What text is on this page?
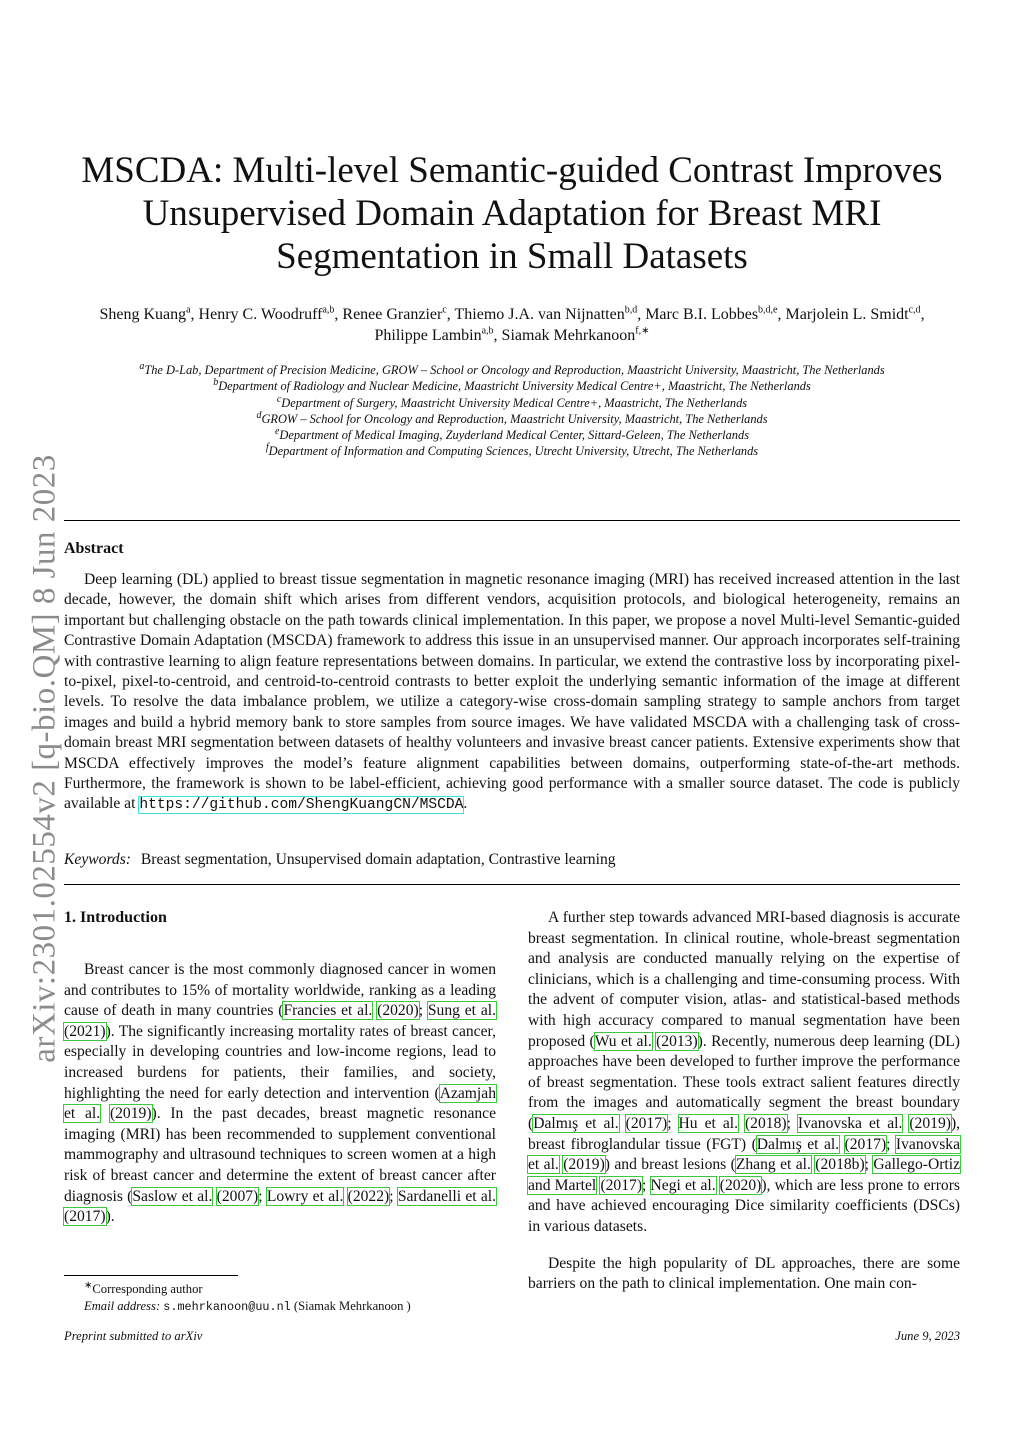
arXiv:2301.02554v2 [q-bio.QM] 8 Jun 2023
MSCDA: Multi-level Semantic-guided Contrast Improves Unsupervised Domain Adaptation for Breast MRI Segmentation in Small Datasets
Sheng Kuang$^a$, Henry C. Woodruff$^{a,b}$, Renee Granzier$^c$, Thiemo J.A. van Nijnatten$^{b,d}$, Marc B.I. Lobbes$^{b,d,e}$, Marjolein L. Smidt$^{c,d}$,
Philippe Lambin$^{a,b}$, Siamak Mehrkanoon$^{f,∗}$
$^a$The D-Lab, Department of Precision Medicine, GROW – School or Oncology and Reproduction, Maastricht University, Maastricht, The Netherlands
$^b$Department of Radiology and Nuclear Medicine, Maastricht University Medical Centre+, Maastricht, The Netherlands
$^c$Department of Surgery, Maastricht University Medical Centre+, Maastricht, The Netherlands
$^d$GROW – School for Oncology and Reproduction, Maastricht University, Maastricht, The Netherlands
$^e$Department of Medical Imaging, Zuyderland Medical Center, Sittard-Geleen, The Netherlands
$^f$Department of Information and Computing Sciences, Utrecht University, Utrecht, The Netherlands
Abstract

Deep learning (DL) applied to breast tissue segmentation in magnetic resonance imaging (MRI) has received increased attention in the last decade, however, the domain shift which arises from different vendors, acquisition protocols, and biological heterogeneity, remains an important but challenging obstacle on the path towards clinical implementation. In this paper, we propose a novel Multi-level Semantic-guided Contrastive Domain Adaptation (MSCDA) framework to address this issue in an unsupervised manner. Our approach incorporates self-training with contrastive learning to align feature representations between domains. In particular, we extend the contrastive loss by incorporating pixel-to-pixel, pixel-to-centroid, and centroid-to-centroid contrasts to better exploit the underlying semantic information of the image at different levels. To resolve the data imbalance problem, we utilize a category-wise cross-domain sampling strategy to sample anchors from target images and build a hybrid memory bank to store samples from source images. We have validated MSCDA with a challenging task of cross-domain breast MRI segmentation between datasets of healthy volunteers and invasive breast cancer patients. Extensive experiments show that MSCDA effectively improves the model’s feature alignment capabilities between domains, outperforming state-of-the-art methods. Furthermore, the framework is shown to be label-efficient, achieving good performance with a smaller source dataset. The code is publicly available at https://github.com/ShengKuangCN/MSCDA.

Keywords: Breast segmentation, Unsupervised domain adaptation, Contrastive learning

1. Introduction

Breast cancer is the most commonly diagnosed cancer in women and contributes to 15% of mortality worldwide, ranking as a leading cause of death in many countries (Francies et al. (2020); Sung et al. (2021)). The significantly increasing mortality rates of breast cancer, especially in developing countries and low-income regions, lead to increased burdens for patients, their families, and society, highlighting the need for early detection and intervention (Azamjah et al. (2019)). In the past decades, breast magnetic resonance imaging (MRI) has been recommended to supplement conventional mammography and ultrasound techniques to screen women at a high risk of breast cancer and determine the extent of breast cancer after diagnosis (Saslow et al. (2007); Lowry et al. (2022); Sardanelli et al. (2017)).

A further step towards advanced MRI-based diagnosis is accurate breast segmentation. In clinical routine, whole-breast segmentation and analysis are conducted manually relying on the expertise of clinicians, which is a challenging and time-consuming process. With the advent of computer vision, atlas- and statistical-based methods with high accuracy compared to manual segmentation have been proposed (Wu et al. (2013)). Recently, numerous deep learning (DL) approaches have been developed to further improve the performance of breast segmentation. These tools extract salient features directly from the images and automatically segment the breast boundary (Dalmış et al. (2017); Hu et al. (2018); Ivanovska et al. (2019)), breast fibroglandular tissue (FGT) (Dalmış et al. (2017); Ivanovska et al. (2019)) and breast lesions (Zhang et al. (2018b); Gallego-Ortiz and Martel (2017); Negi et al. (2020)), which are less prone to errors and have achieved encouraging Dice similarity coefficients (DSCs) in various datasets.

Despite the high popularity of DL approaches, there are some barriers on the path to clinical implementation. One main con-

∗Corresponding author
Email address: s.mehrkanoon@uu.nl (Siamak Mehrkanoon )
Preprint submitted to arXiv	June 9, 2023
